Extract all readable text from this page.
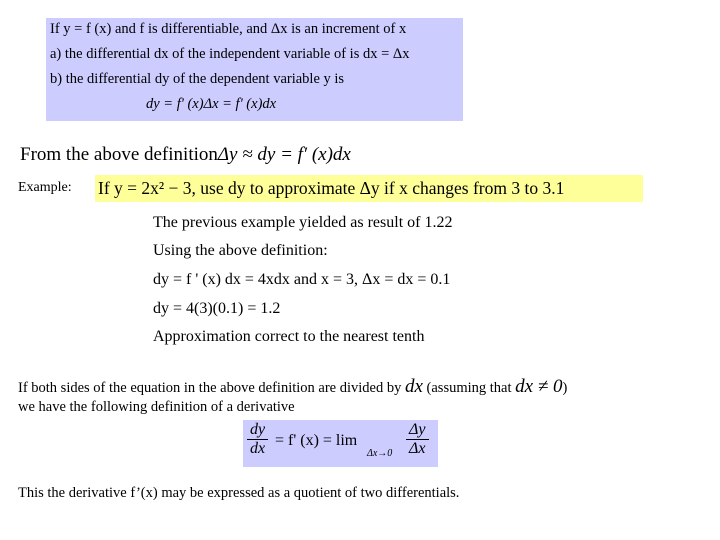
If y = f (x) and f is differentiable, and Δx is an increment of x
a) the differential dx of the independent variable of is dx = Δx
b) the differential dy of the dependent variable y is
dy = f' (x)Δx = f' (x)dx
From the above definitionΔy ≈ dy = f′ (x)dx
Example: If y = 2x² − 3, use dy to approximate Δy if x changes from 3 to 3.1
The previous example yielded as result of 1.22
Using the above definition:
dy = f ' (x) dx = 4xdx and x = 3, Δx = dx = 0.1
dy = 4(3)(0.1) = 1.2
Approximation correct to the nearest tenth
If both sides of the equation in the above definition are divided by dx (assuming that dx ≠ 0)
we have the following definition of a derivative
$\frac{dy}{dx} = f'$ (x) = lim
$\Delta x\to 0 \frac{\Delta y}{\Delta x}$
This the derivative f’(x) may be expressed as a quotient of two differentials.
